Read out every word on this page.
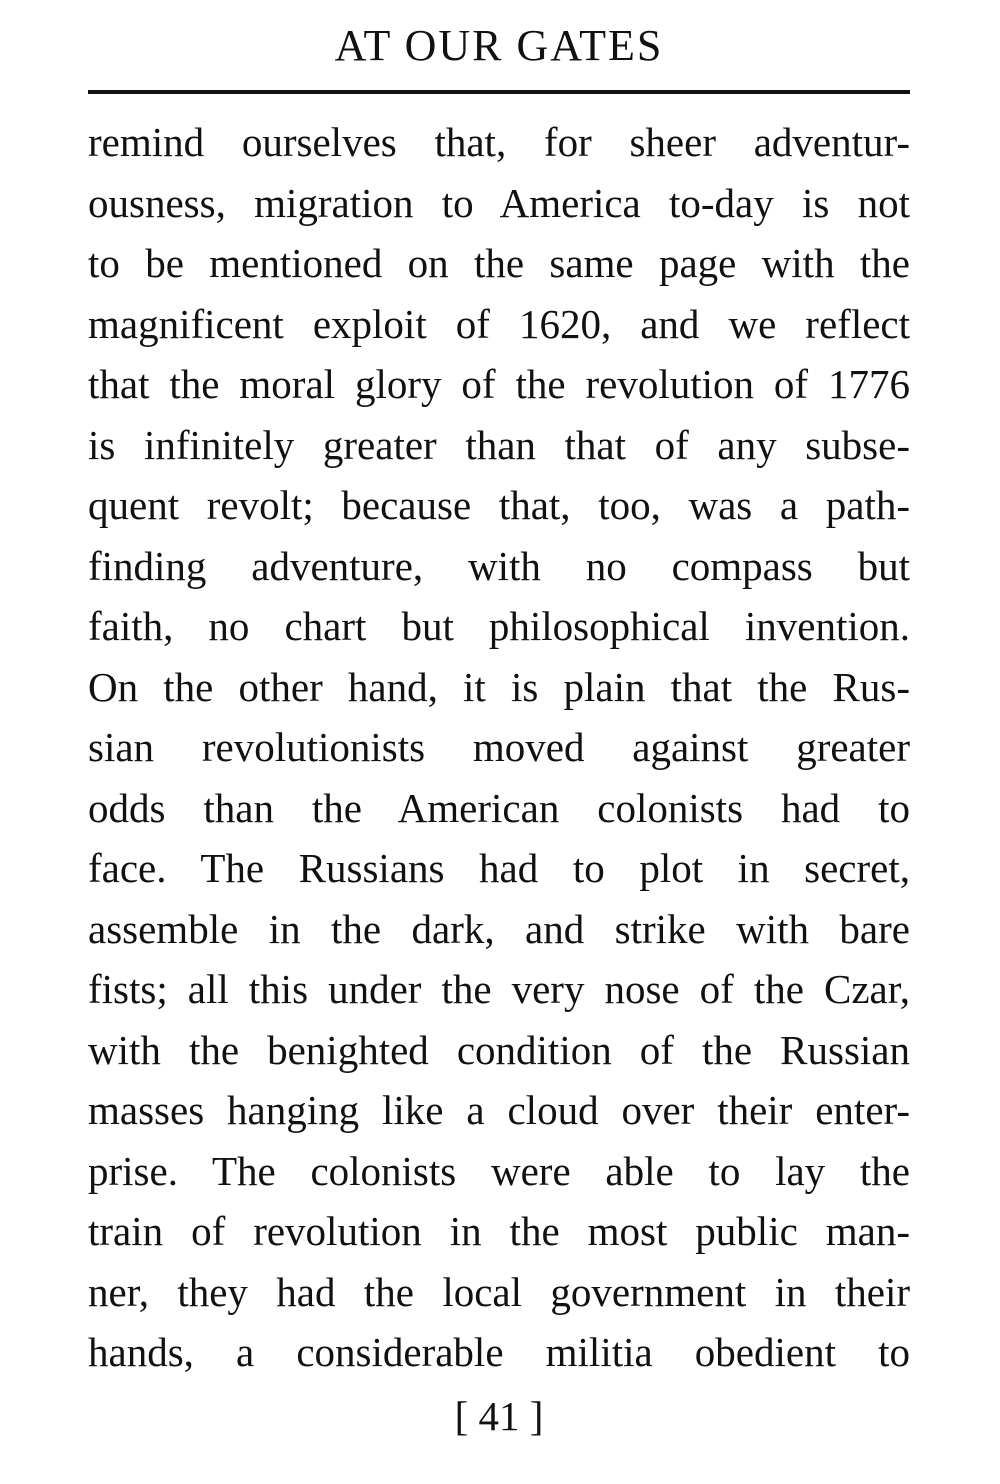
AT OUR GATES
remind ourselves that, for sheer adventur-
ousness, migration to America to-day is not
to be mentioned on the same page with the
magnificent exploit of 1620, and we reflect
that the moral glory of the revolution of 1776
is infinitely greater than that of any subse-
quent revolt; because that, too, was a path-
finding adventure, with no compass but
faith, no chart but philosophical invention.
On the other hand, it is plain that the Rus-
sian revolutionists moved against greater
odds than the American colonists had to
face. The Russians had to plot in secret,
assemble in the dark, and strike with bare
fists; all this under the very nose of the Czar,
with the benighted condition of the Russian
masses hanging like a cloud over their enter-
prise. The colonists were able to lay the
train of revolution in the most public man-
ner, they had the local government in their
hands, a considerable militia obedient to
[ 41 ]
